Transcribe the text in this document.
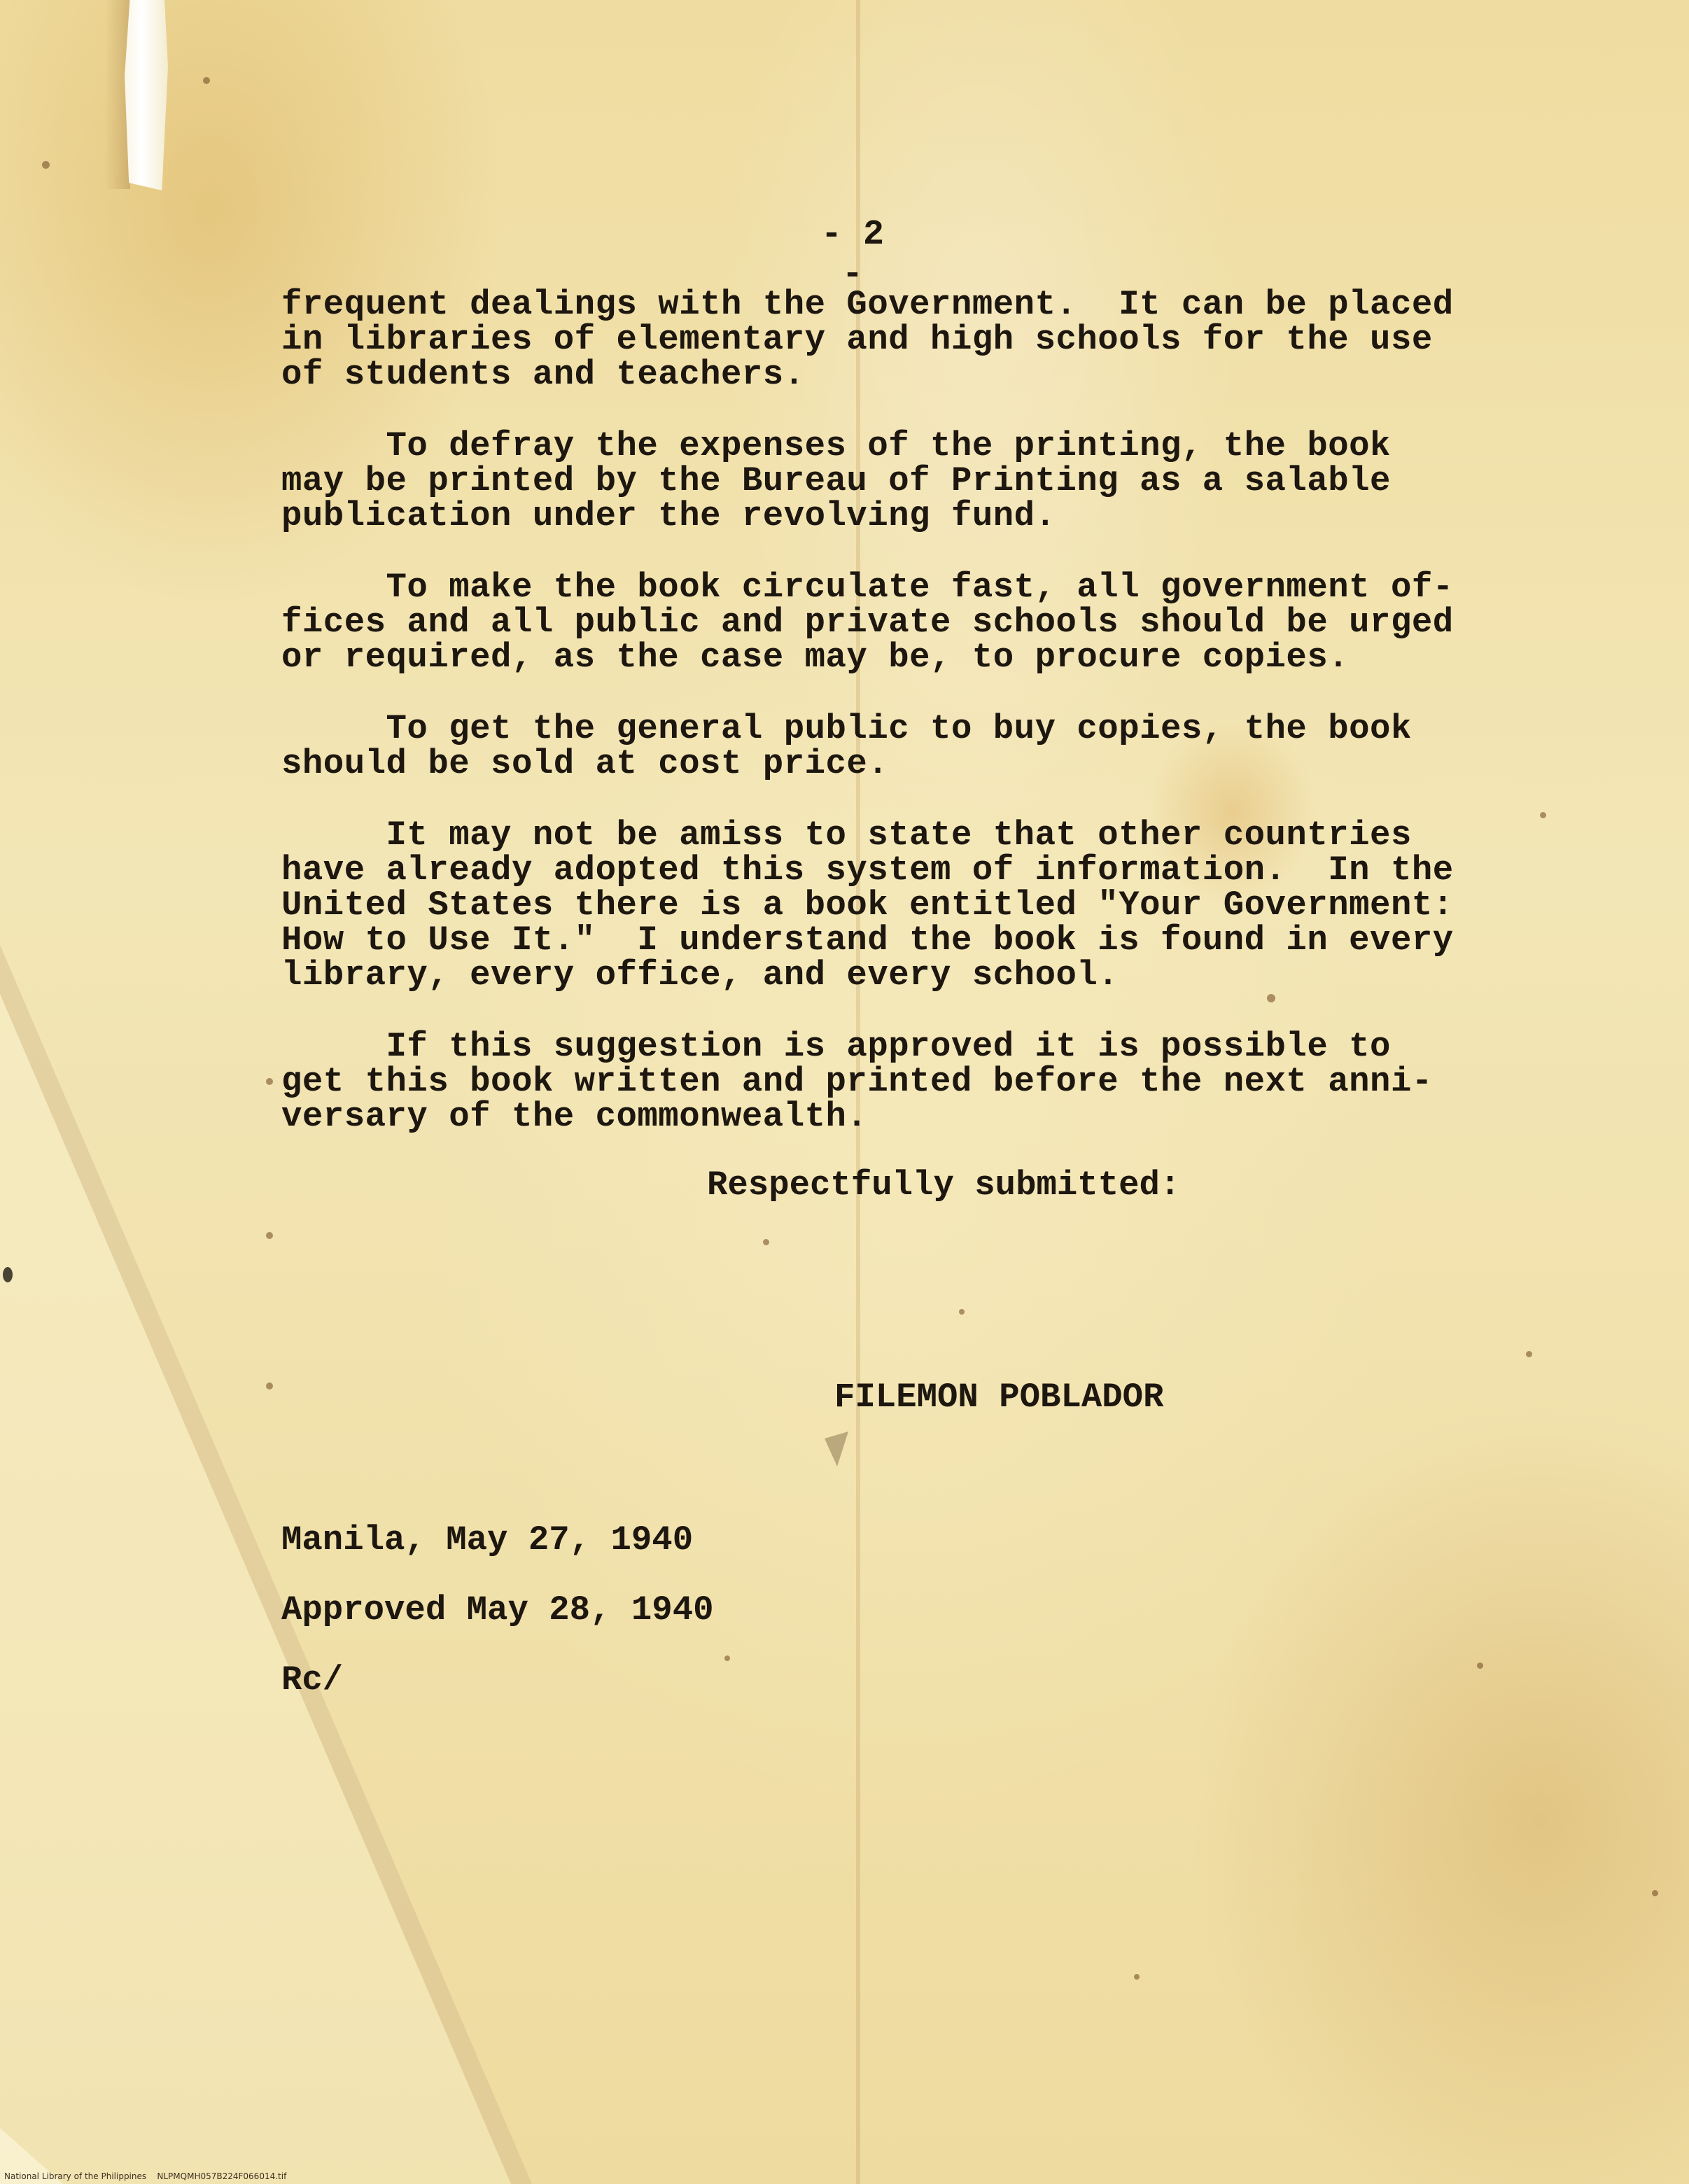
- 2 -
frequent dealings with the Government.  It can be placed
in libraries of elementary and high schools for the use
of students and teachers.
To defray the expenses of the printing, the book
may be printed by the Bureau of Printing as a salable
publication under the revolving fund.
To make the book circulate fast, all government of-
fices and all public and private schools should be urged
or required, as the case may be, to procure copies.
To get the general public to buy copies, the book
should be sold at cost price.
It may not be amiss to state that other countries
have already adopted this system of information.  In the
United States there is a book entitled "Your Government:
How to Use It."  I understand the book is found in every
library, every office, and every school.
If this suggestion is approved it is possible to
get this book written and printed before the next anni-
versary of the commonwealth.
Respectfully submitted:
FILEMON POBLADOR
Manila, May 27, 1940
Approved May 28, 1940
Rc/
National Library of the Philippines    NLPMQMH057B224F066014.tif
